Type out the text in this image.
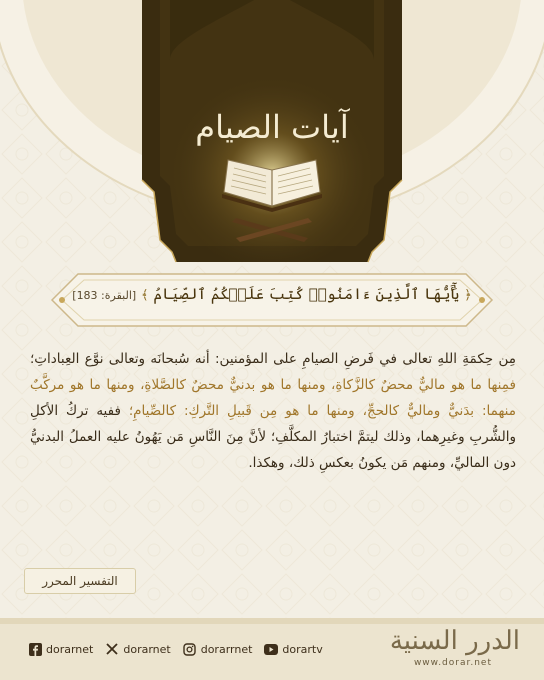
آيات الصيام
﴿ يَٰٓأَيُّهَا ٱلَّذِينَ ءَامَنُوا۟ كُتِبَ عَلَيۡكُمُ ٱلصِّيَامُ ﴾ [البقرة: 183]
مِن حِكمَةِ اللهِ تعالى في فَرضِ الصيامِ على المؤمنين: أنه سُبحانَه وتعالى نوَّع العِباداتِ؛ فمِنها ما هو ماليٌّ محضٌ كالزَّكاةِ، ومنها ما هو بدنيٌّ محضٌ كالصَّلاةِ، ومنها ما هو مركَّبٌ منهما: بدَنيٌّ وماليٌّ كالحجِّ، ومنها ما هو مِن قَبيلِ التَّركِ: كالصِّيامِ؛ ففيه تركُ الأكلِ والشُّربِ وغيرِهما، وذلك ليتمَّ اختبارُ المكلَّفِ؛ لأنَّ مِنَ النَّاسِ مَن يَهُونُ عليه العملُ البدنيُّ دون الماليِّ، ومنهم مَن يكونُ بعكسِ ذلك، وهكذا.
التفسير المحرر
dorarnet	dorarnet	dorarrnet	dorartv	الدرر السنية
www.dorar.net
